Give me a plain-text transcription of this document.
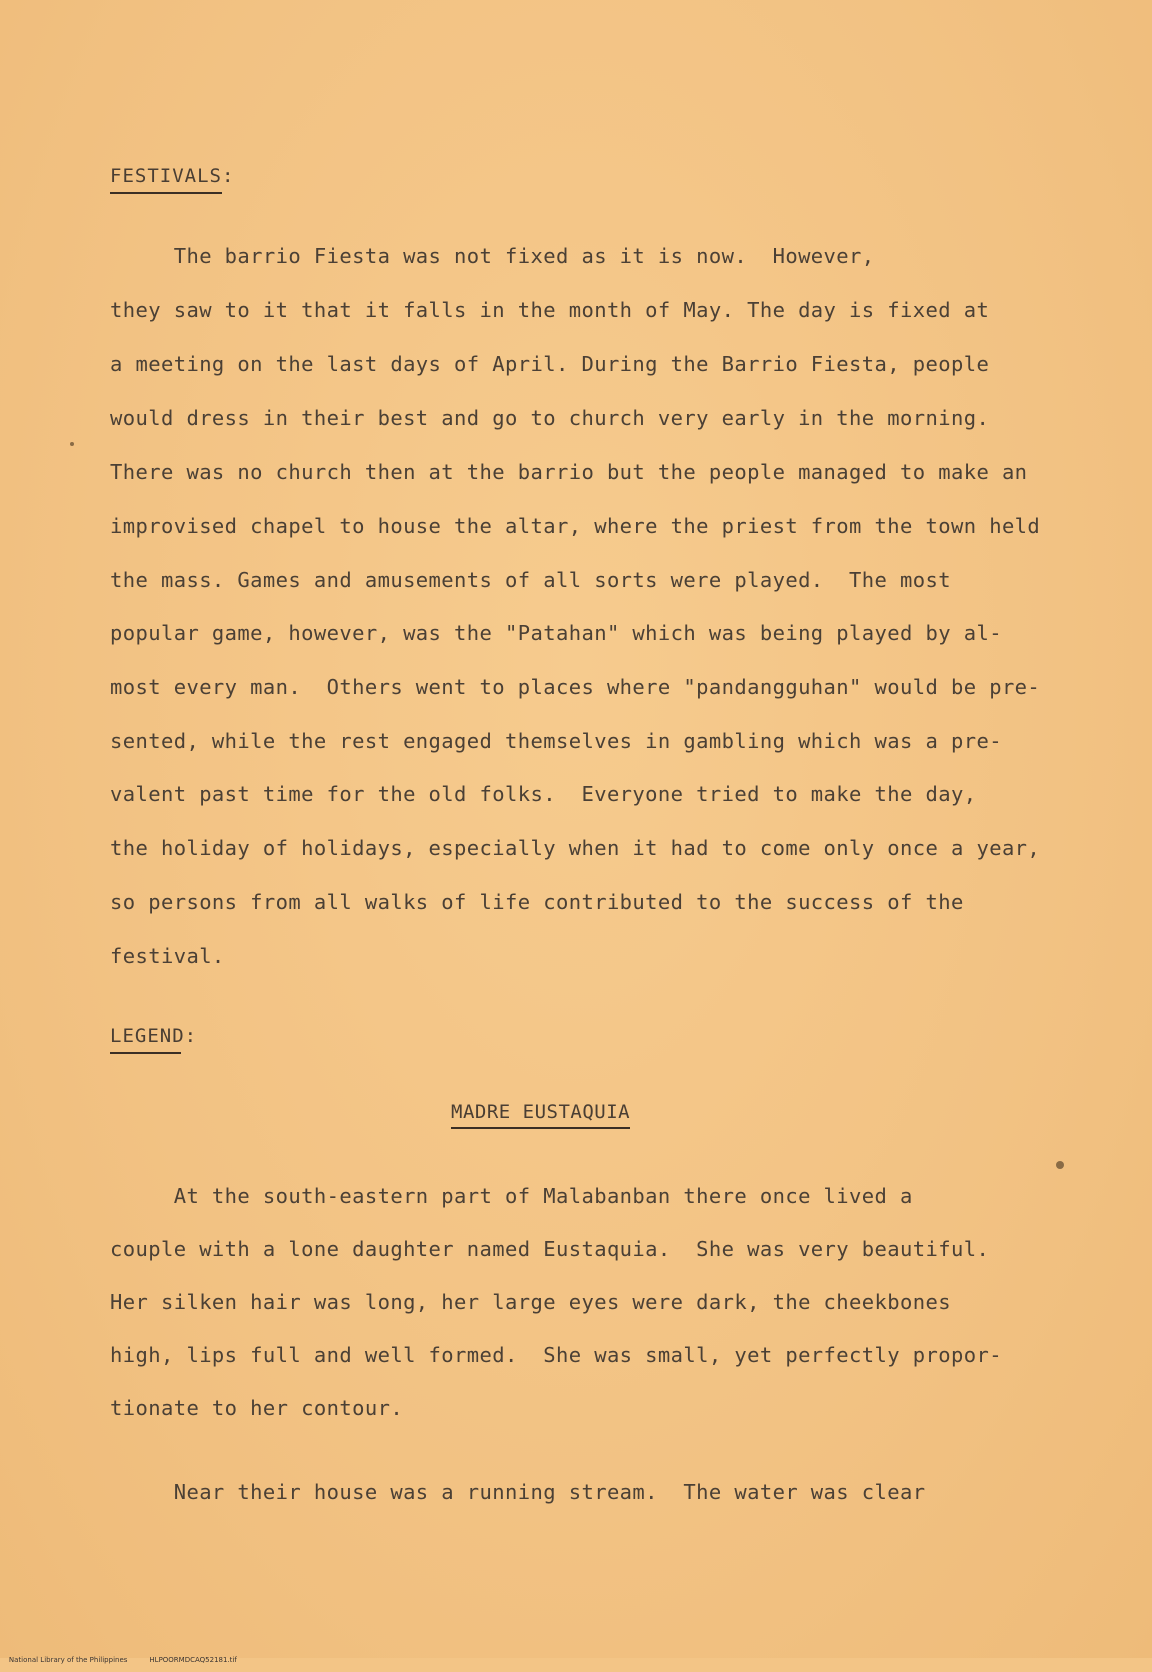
FESTIVALS:
The barrio Fiesta was not fixed as it is now.  However,
they saw to it that it falls in the month of May. The day is fixed at
a meeting on the last days of April. During the Barrio Fiesta, people
would dress in their best and go to church very early in the morning.
There was no church then at the barrio but the people managed to make an
improvised chapel to house the altar, where the priest from the town held
the mass. Games and amusements of all sorts were played.  The most
popular game, however, was the "Patahan" which was being played by al-
most every man.  Others went to places where "pandangguhan" would be pre-
sented, while the rest engaged themselves in gambling which was a pre-
valent past time for the old folks.  Everyone tried to make the day,
the holiday of holidays, especially when it had to come only once a year,
so persons from all walks of life contributed to the success of the
festival.
LEGEND:
MADRE EUSTAQUIA
At the south-eastern part of Malabanban there once lived a
couple with a lone daughter named Eustaquia.  She was very beautiful.
Her silken hair was long, her large eyes were dark, the cheekbones
high, lips full and well formed.  She was small, yet perfectly propor-
tionate to her contour.
Near their house was a running stream.  The water was clear

National Library of the Philippines	HLPOORMDCAQ52181.tif
